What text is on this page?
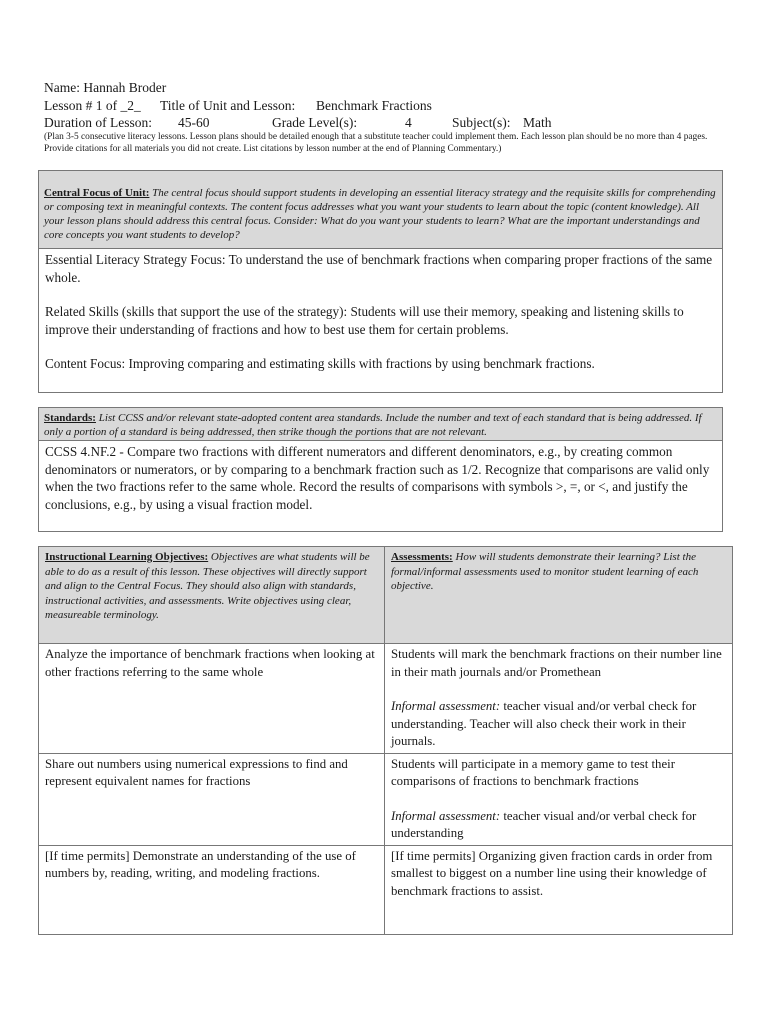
Name: Hannah Broder
Lesson # 1 of _2_ Title of Unit and Lesson: Benchmark Fractions
Duration of Lesson: 45-60	Grade Level(s):	4	Subject(s): Math
(Plan 3-5 consecutive literacy lessons. Lesson plans should be detailed enough that a substitute teacher could implement them. Each lesson plan should be no more than 4 pages. Provide citations for all materials you did not create. List citations by lesson number at the end of Planning Commentary.)
Central Focus of Unit: The central focus should support students in developing an essential literacy strategy and the requisite skills for comprehending or composing text in meaningful contexts. The content focus addresses what you want your students to learn about the topic (content knowledge). All your lesson plans should address this central focus. Consider: What do you want your students to learn? What are the important understandings and core concepts you want students to develop?

Essential Literacy Strategy Focus: To understand the use of benchmark fractions when comparing proper fractions of the same whole.

Related Skills (skills that support the use of the strategy): Students will use their memory, speaking and listening skills to improve their understanding of fractions and how to best use them for certain problems.

Content Focus: Improving comparing and estimating skills with fractions by using benchmark fractions.

Standards: List CCSS and/or relevant state-adopted content area standards. Include the number and text of each standard that is being addressed. If only a portion of a standard is being addressed, then strike though the portions that are not relevant.
CCSS 4.NF.2 - Compare two fractions with different numerators and different denominators, e.g., by creating common denominators or numerators, or by comparing to a benchmark fraction such as 1/2. Recognize that comparisons are valid only when the two fractions refer to the same whole. Record the results of comparisons with symbols >, =, or <, and justify the conclusions, e.g., by using a visual fraction model.
Instructional Learning Objectives: Objectives are what students will be able to do as a result of this lesson. These objectives will directly support and align to the Central Focus. They should also align with standards, instructional activities, and assessments. Write objectives using clear, measureable terminology.	Assessments: How will students demonstrate their learning? List the formal/informal assessments used to monitor student learning of each objective.
Analyze the importance of benchmark fractions when looking at other fractions referring to the same whole	Students will mark the benchmark fractions on their number line in their math journals and/or Promethean
Informal assessment: teacher visual and/or verbal check for understanding. Teacher will also check their work in their journals.
Share out numbers using numerical expressions to find and represent equivalent names for fractions	Students will participate in a memory game to test their comparisons of fractions to benchmark fractions
Informal assessment: teacher visual and/or verbal check for understanding
[If time permits] Demonstrate an understanding of the use of numbers by, reading, writing, and modeling fractions.	[If time permits] Organizing given fraction cards in order from smallest to biggest on a number line using their knowledge of benchmark fractions to assist.
